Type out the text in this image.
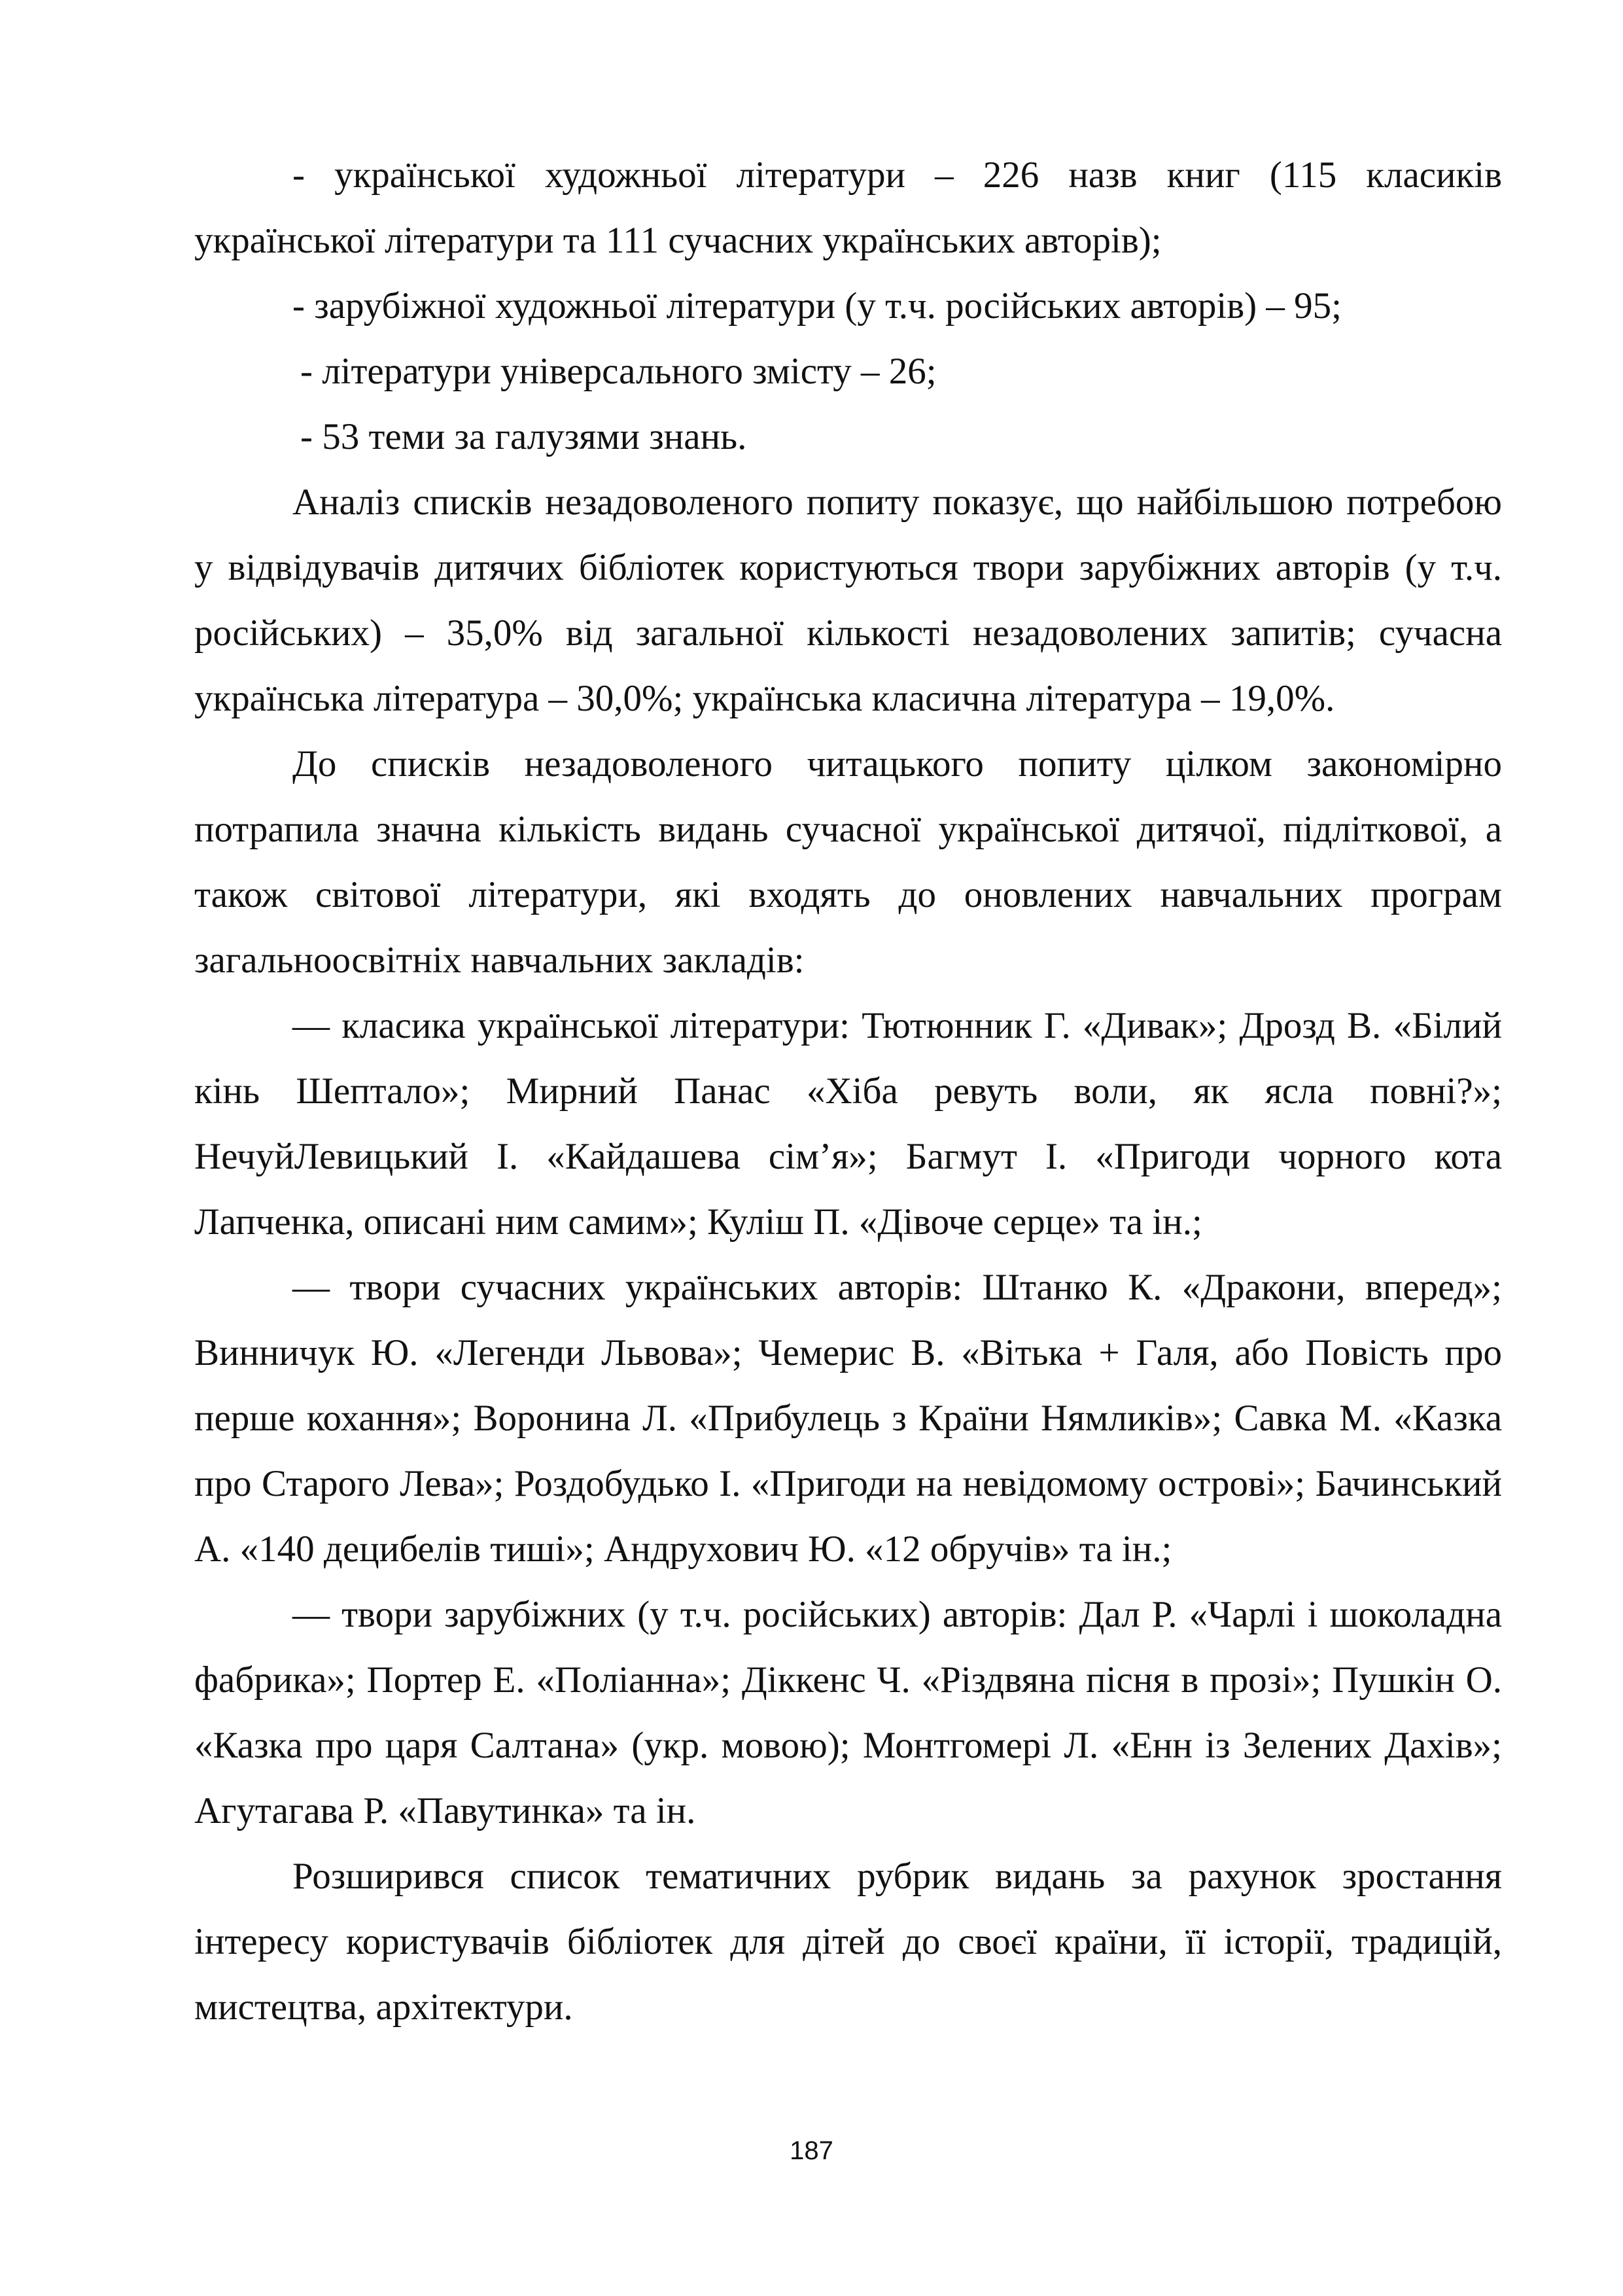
- української художньої літератури – 226 назв книг (115 класиків української літератури та 111 сучасних українських авторів);

- зарубіжної художньої літератури (у т.ч. російських авторів) – 95;

- літератури універсального змісту – 26;

- 53 теми за галузями знань.

Аналіз списків незадоволеного попиту показує, що найбільшою потребою у відвідувачів дитячих бібліотек користуються твори зарубіжних авторів (у т.ч. російських) – 35,0% від загальної кількості незадоволених запитів; сучасна українська література – 30,0%; українська класична література – 19,0%.

До списків незадоволеного читацького попиту цілком закономірно потрапила значна кількість видань сучасної української дитячої, підліткової, а також світової літератури, які входять до оновлених навчальних програм загальноосвітніх навчальних закладів:

— класика української літератури: Тютюнник Г. «Дивак»; Дрозд В. «Білий кінь Шептало»; Мирний Панас «Хіба ревуть воли, як ясла повні?»; НечуйЛевицький І. «Кайдашева сім’я»; Багмут І. «Пригоди чорного кота Лапченка, описані ним самим»; Куліш П. «Дівоче серце» та ін.;

— твори сучасних українських авторів: Штанко К. «Дракони, вперед»; Винничук Ю. «Легенди Львова»; Чемерис В. «Вітька + Галя, або Повість про перше кохання»; Воронина Л. «Прибулець з Країни Нямликів»; Савка М. «Казка про Старого Лева»; Роздобудько І. «Пригоди на невідомому острові»; Бачинський А. «140 децибелів тиші»; Андрухович Ю. «12 обручів» та ін.;

— твори зарубіжних (у т.ч. російських) авторів: Дал Р. «Чарлі і шоколадна фабрика»; Портер Е. «Поліанна»; Діккенс Ч. «Різдвяна пісня в прозі»; Пушкін О. «Казка про царя Салтана» (укр. мовою); Монтгомері Л. «Енн із Зелених Дахів»; Агутагава Р. «Павутинка» та ін.

Розширився список тематичних рубрик видань за рахунок зростання інтересу користувачів бібліотек для дітей до своєї країни, її історії, традицій, мистецтва, архітектури.

187
